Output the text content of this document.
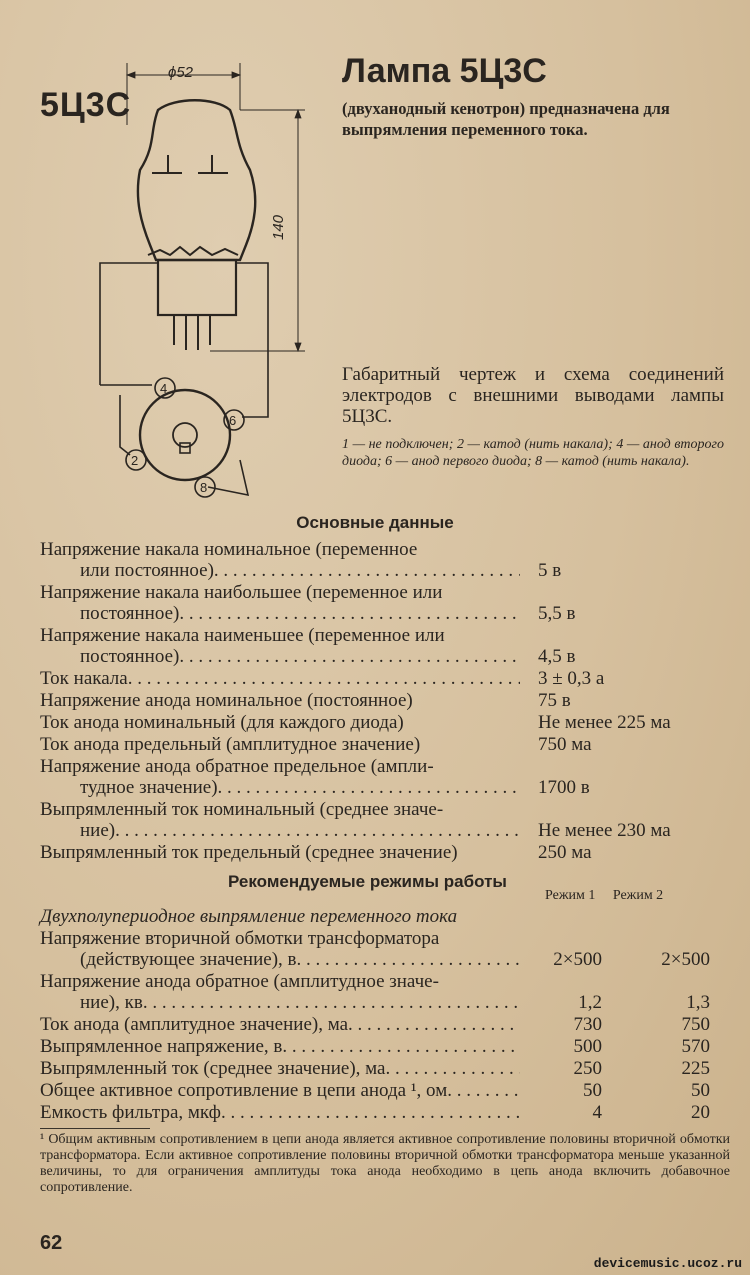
5Ц3С
Лампа 5Ц3С
(двуханодный кенотрон) предназначена для выпрямления переменного тока.
ϕ52
140
4
6
2
8
Габаритный чертеж и схема соединений электродов с внешними выводами лампы 5Ц3С.
1 — не подключен; 2 — катод (нить накала); 4 — анод второго диода; 6 — анод первого диода; 8 — катод (нить накала).
Основные данные
Напряжение накала номинальное (переменное
или постоянное) . . .	5 в
Напряжение накала наибольшее (переменное или
постоянное) . . .	5,5 в
Напряжение накала наименьшее (переменное или
постоянное) . . .	4,5 в
Ток накала . . .	3 ± 0,3 а
Напряжение анода номинальное (постоянное)	75 в
Ток анода номинальный (для каждого диода)	Не менее 225 ма
Ток анода предельный (амплитудное значение)	750 ма
Напряжение анода обратное предельное (ампли-
тудное значение) . . .	1700 в
Выпрямленный ток номинальный (среднее значе-
ние) . . .	Не менее 230 ма
Выпрямленный ток предельный (среднее значение)	250 ма
Рекомендуемые режимы работы
Режим 1 Режим 2
Двухполупериодное выпрямление переменного тока
Напряжение вторичной обмотки трансформатора
(действующее значение), в . . .	2×500	2×500
Напряжение анода обратное (амплитудное значе-
ние), кв . . .	1,2	1,3
Ток анода (амплитудное значение), ма . . .	730	750
Выпрямленное напряжение, в . . .	500	570
Выпрямленный ток (среднее значение), ма . . .	250	225
Общее активное сопротивление в цепи анода ¹, ом . . .	50	50
Емкость фильтра, мкф . . .	4	20
¹ Общим активным сопротивлением в цепи анода является активное сопротивление половины вторичной обмотки трансформатора. Если активное сопротивление половины вторичной обмотки трансформатора меньше указанной величины, то для ограничения амплитуды тока анода необходимо в цепь анода включить добавочное сопротивление.
62
devicemusic.ucoz.ru
